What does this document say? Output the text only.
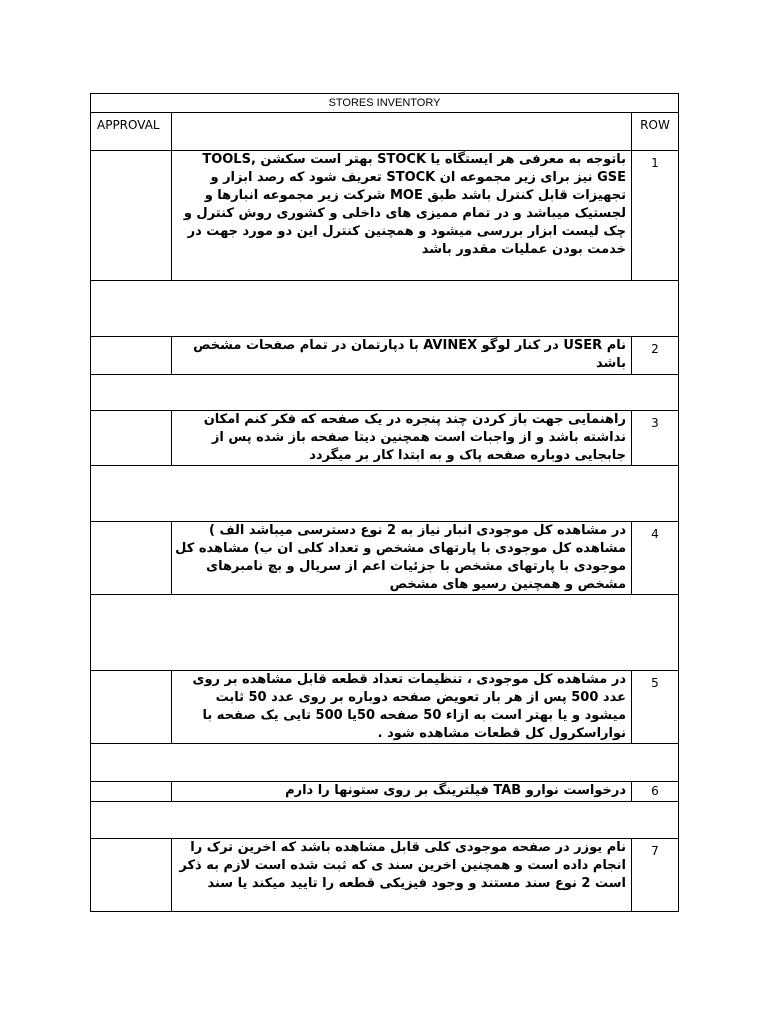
STORES INVENTORY		
APPROVAL		ROW

	باتوجه به معرفی هر ایستگاه یا STOCK بهتر است سکشن TOOLS, GSE نیز برای زیر مجموعه ان STOCK تعریف شود که رصد ابزار و تجهیزات قابل کنترل باشد طبق MOE شرکت زیر مجموعه انبارها و لجستیک میباشد و در تمام ممیزی های داخلی و کشوری روش کنترل و چک لیست ابزار بررسی میشود و همچنین کنترل این دو مورد جهت در خدمت بودن عملیات مقدور باشد	1

	نام USER در کنار لوگو AVINEX با دپارتمان در تمام صفحات مشخص باشد	2

	راهنمایی جهت باز کردن چند پنجره در یک صفحه که فکر کنم امکان نداشته باشد و از واجبات است همچنین دیتا صفحه باز شده پس از جابجایی دوباره صفحه پاک و به ابتدا کار بر میگردد	3

	در مشاهده کل موجودی انبار نیاز به 2 نوع دسترسی میباشد الف ) مشاهده کل موجودی با پارتهای مشخص و تعداد کلی ان ب) مشاهده کل موجودی با پارتهای مشخص با جزئیات اعم از سریال و بچ نامبرهای مشخص و همچنین رسیو های مشخص	4

	در مشاهده کل موجودی ، تنظیمات تعداد قطعه قابل مشاهده بر روی عدد 500 پس از هر بار تعویض صفحه دوباره بر روی عدد 50 ثابت میشود و یا بهتر است به ازاء 50 صفحه 50یا 500 تایی یک صفحه با نواراسکرول کل قطعات مشاهده شود .	5

	درخواست نوارو TAB فیلترینگ بر روی ستونها را دارم	6

	نام یوزر در صفحه موجودی کلی قابل مشاهده باشد که اخرین ترک را انجام داده است و همچنین اخرین سند ی که ثبت شده است لازم به ذکر است 2 نوع سند مستند و وجود فیزیکی قطعه را تایید میکند یا سند	7
